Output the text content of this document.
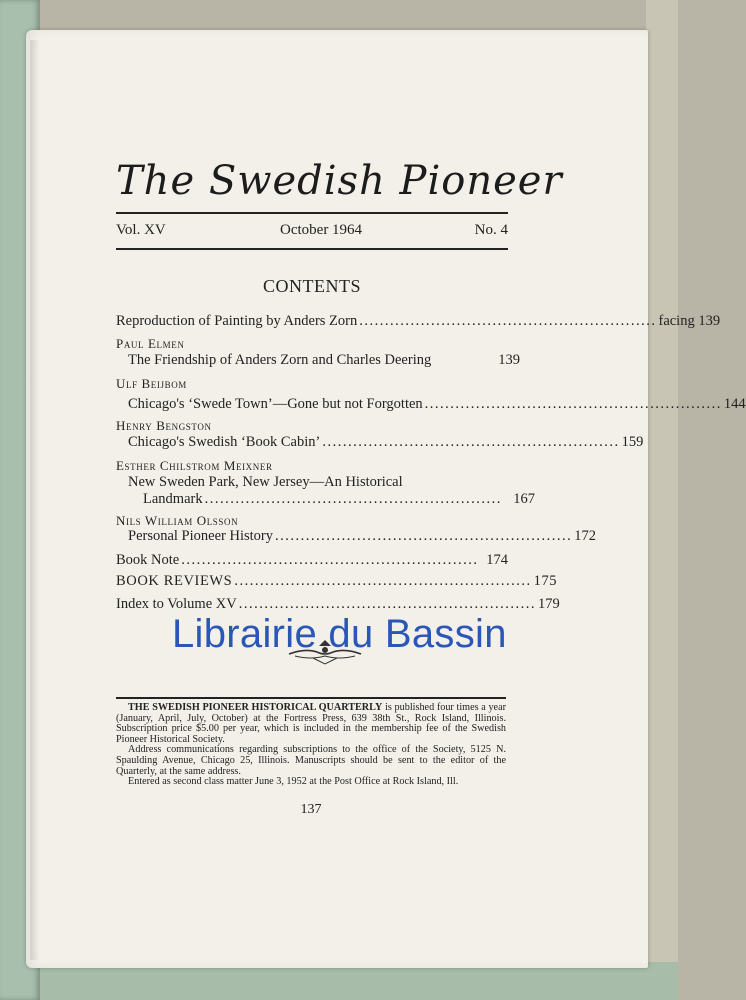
The Swedish Pioneer
Vol. XV	October 1964	No. 4
CONTENTS
Reproduction of Painting by Anders Zorn .......................................................... facing 139
Paul Elmen
The Friendship of Anders Zorn and Charles Deering	139
Ulf Beijbom
Chicago's ‘Swede Town’—Gone but not Forgotten .......................................................... 144
Henry Bengston
Chicago's Swedish ‘Book Cabin’ .......................................................... 159
Esther Chilstrom Meixner
New Sweden Park, New Jersey—An Historical
Landmark .......................................................... 167
Nils William Olsson
Personal Pioneer History .......................................................... 172
Book Note .......................................................... 174
BOOK REVIEWS .......................................................... 175
Index to Volume XV .......................................................... 179
Librairie du Bassin

THE SWEDISH PIONEER HISTORICAL QUARTERLY is published four times a year (January, April, July, October) at the Fortress Press, 639 38th St., Rock Island, Illinois. Subscription price $5.00 per year, which is included in the membership fee of the Swedish Pioneer Historical Society.

Address communications regarding subscriptions to the office of the Society, 5125 N. Spaulding Avenue, Chicago 25, Illinois. Manuscripts should be sent to the editor of the Quarterly, at the same address.

Entered as second class matter June 3, 1952 at the Post Office at Rock Island, Ill.

137
